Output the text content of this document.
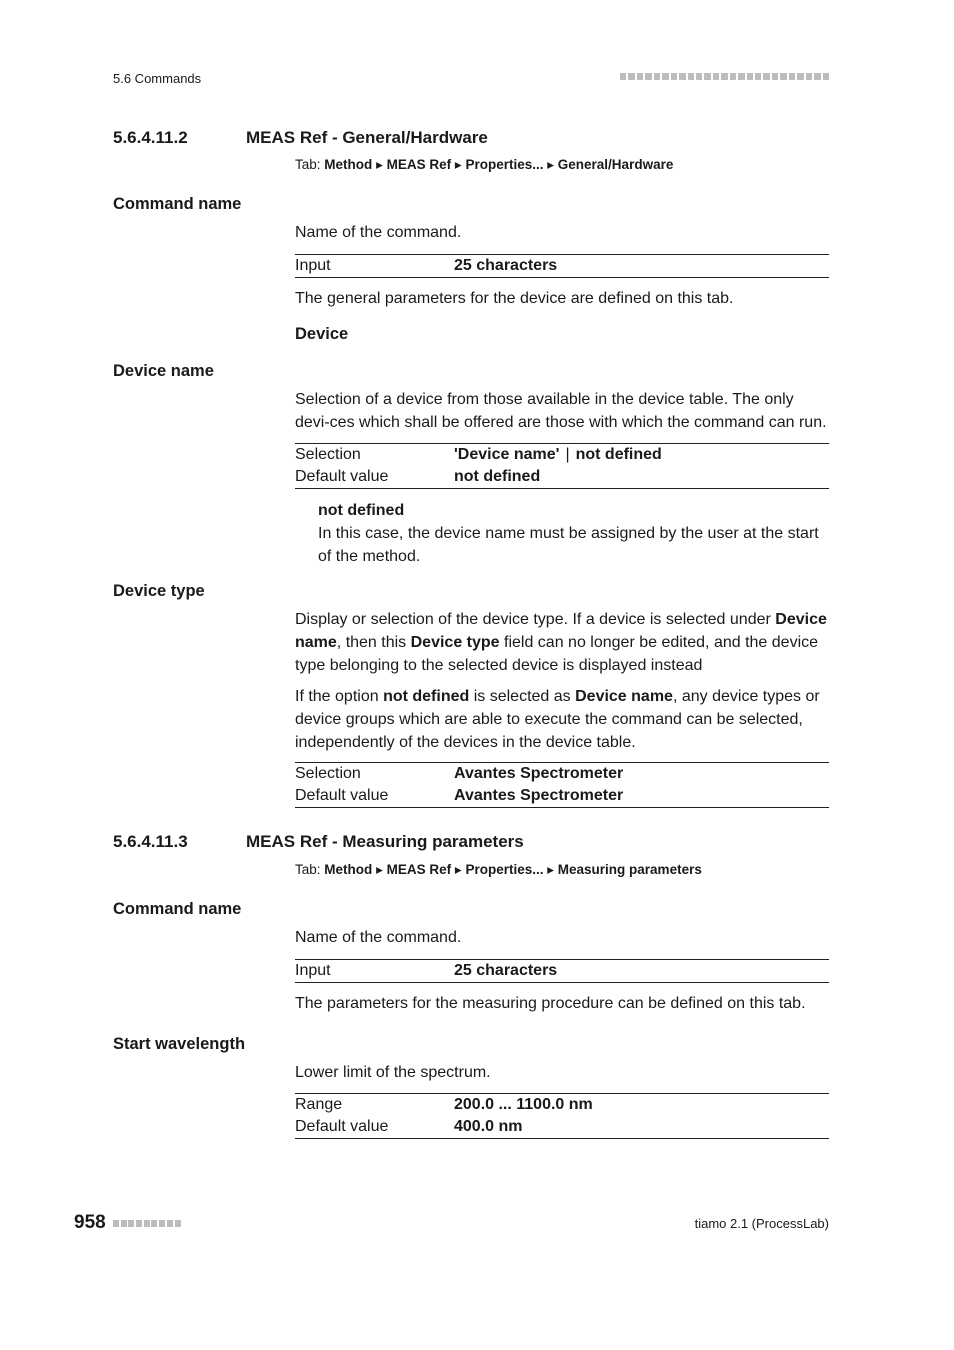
5.6 Commands
5.6.4.11.2	MEAS Ref - General/Hardware
Tab: Method ▸ MEAS Ref ▸ Properties... ▸ General/Hardware
Command name
Name of the command.
Input	25 characters
The general parameters for the device are defined on this tab.
Device
Device name
Selection of a device from those available in the device table. The only devi-ces which shall be offered are those with which the command can run.
Selection	'Device name' | not defined
Default value	not defined
not defined
In this case, the device name must be assigned by the user at the start of the method.
Device type
Display or selection of the device type. If a device is selected under Device name, then this Device type field can no longer be edited, and the device type belonging to the selected device is displayed instead
If the option not defined is selected as Device name, any device types or device groups which are able to execute the command can be selected, independently of the devices in the device table.
Selection	Avantes Spectrometer
Default value	Avantes Spectrometer
5.6.4.11.3	MEAS Ref - Measuring parameters
Tab: Method ▸ MEAS Ref ▸ Properties... ▸ Measuring parameters
Command name
Name of the command.
Input	25 characters
The parameters for the measuring procedure can be defined on this tab.
Start wavelength
Lower limit of the spectrum.
Range	200.0 ... 1100.0 nm
Default value	400.0 nm
958	tiamo 2.1 (ProcessLab)
